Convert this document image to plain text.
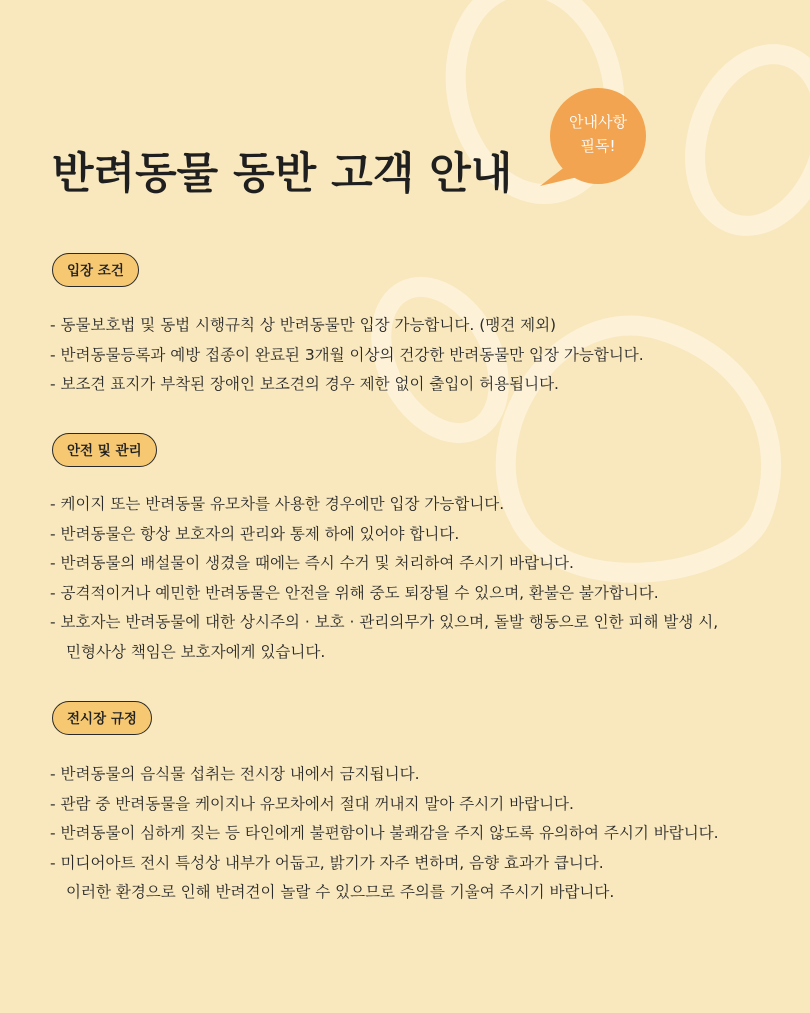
반려동물 동반 고객 안내
안내사항
필독!
입장 조건
- 동물보호법 및 동법 시행규칙 상 반려동물만 입장 가능합니다. (맹견 제외)
- 반려동물등록과 예방 접종이 완료된 3개월 이상의 건강한 반려동물만 입장 가능합니다.
- 보조견 표지가 부착된 장애인 보조견의 경우 제한 없이 출입이 허용됩니다.
안전 및 관리
- 케이지 또는 반려동물 유모차를 사용한 경우에만 입장 가능합니다.
- 반려동물은 항상 보호자의 관리와 통제 하에 있어야 합니다.
- 반려동물의 배설물이 생겼을 때에는 즉시 수거 및 처리하여 주시기 바랍니다.
- 공격적이거나 예민한 반려동물은 안전을 위해 중도 퇴장될 수 있으며, 환불은 불가합니다.
- 보호자는 반려동물에 대한 상시주의 · 보호 · 관리의무가 있으며, 돌발 행동으로 인한 피해 발생 시,
민형사상 책임은 보호자에게 있습니다.
전시장 규정
- 반려동물의 음식물 섭취는 전시장 내에서 금지됩니다.
- 관람 중 반려동물을 케이지나 유모차에서 절대 꺼내지 말아 주시기 바랍니다.
- 반려동물이 심하게 짖는 등 타인에게 불편함이나 불쾌감을 주지 않도록 유의하여 주시기 바랍니다.
- 미디어아트 전시 특성상 내부가 어둡고, 밝기가 자주 변하며, 음향 효과가 큽니다.
이러한 환경으로 인해 반려견이 놀랄 수 있으므로 주의를 기울여 주시기 바랍니다.
